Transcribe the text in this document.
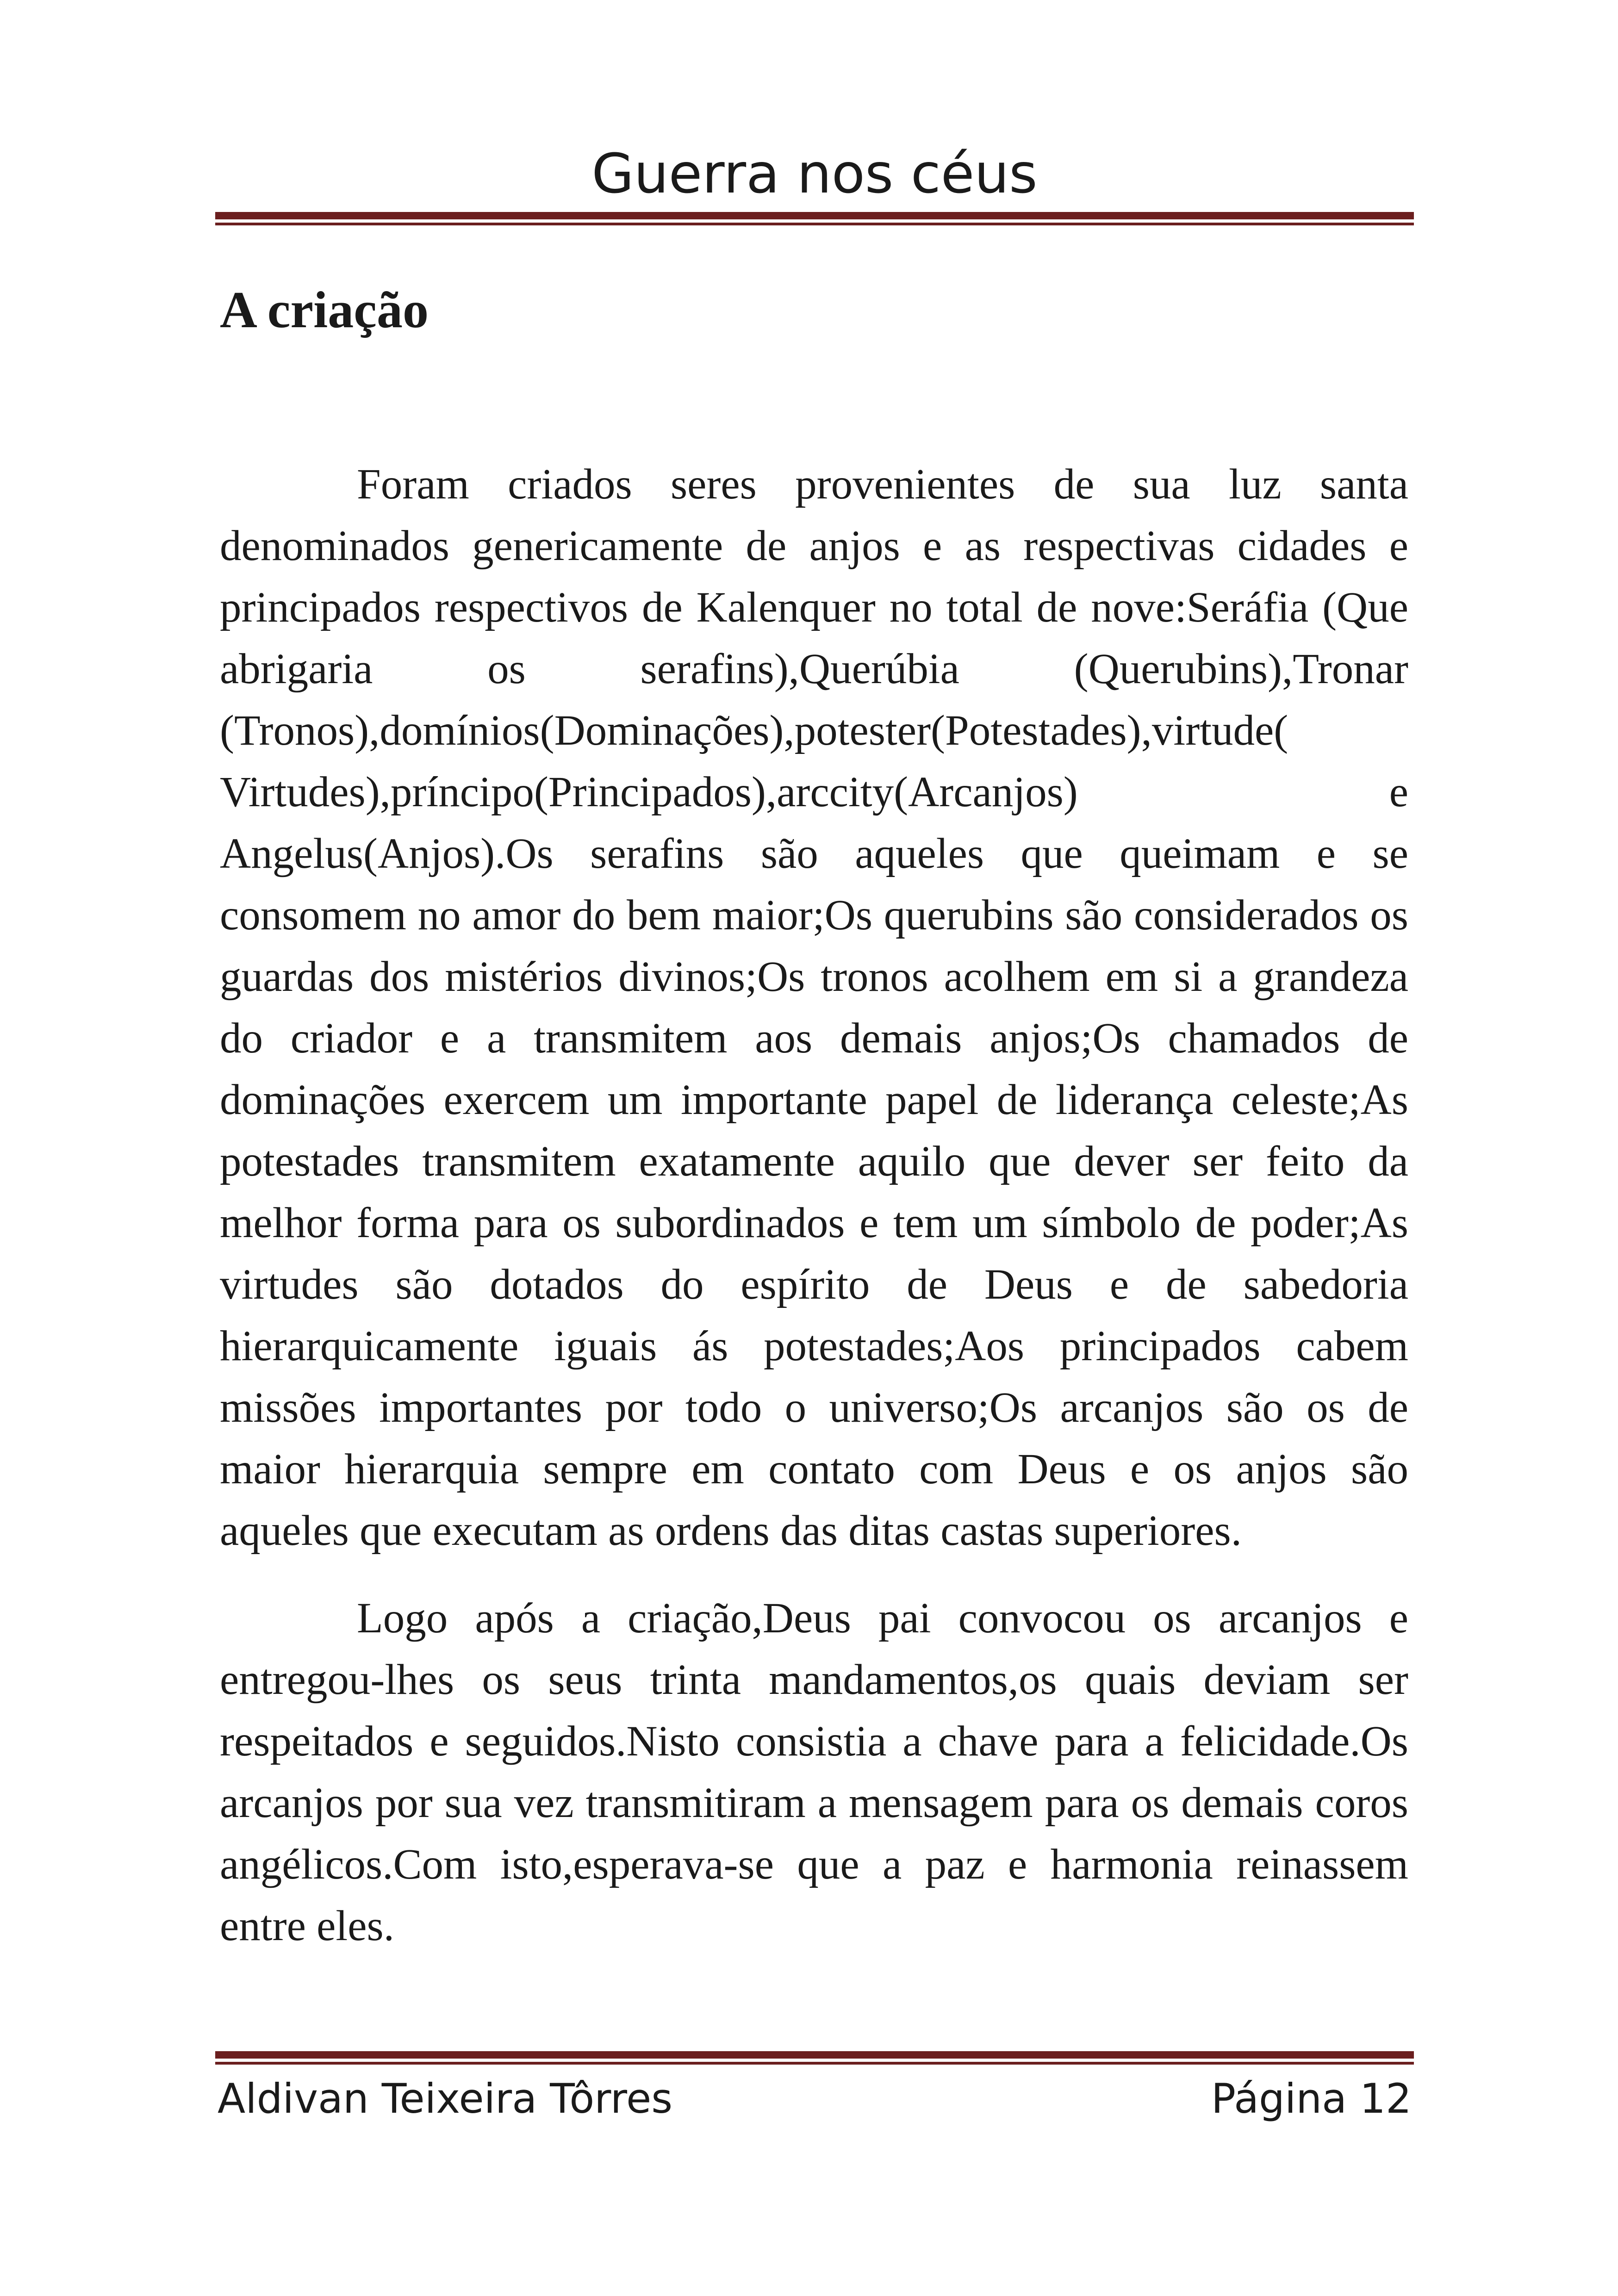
Guerra nos céus
A criação

Foram criados seres provenientes de sua luz santa denominados genericamente de anjos e as respectivas cidades e principados respectivos de Kalenquer no total de nove:Seráfia (Que abrigaria os serafins),Querúbia (Querubins),Tronar (Tronos),domínios(Dominações),potester(Potestades),virtude( Virtudes),príncipo(Principados),arccity(Arcanjos) e Angelus(Anjos).Os serafins são aqueles que queimam e se consomem no amor do bem maior;Os querubins são considerados os guardas dos mistérios divinos;Os tronos acolhem em si a grandeza do criador e a transmitem aos demais anjos;Os chamados de dominações exercem um importante papel de liderança celeste;As potestades transmitem exatamente aquilo que dever ser feito da melhor forma para os subordinados e tem um símbolo de poder;As virtudes são dotados do espírito de Deus e de sabedoria hierarquicamente iguais ás potestades;Aos principados cabem missões importantes por todo o universo;Os arcanjos são os de maior hierarquia sempre em contato com Deus e os anjos são aqueles que executam as ordens das ditas castas superiores.

Logo após a criação,Deus pai convocou os arcanjos e entregou-lhes os seus trinta mandamentos,os quais deviam ser respeitados e seguidos.Nisto consistia a chave para a felicidade.Os arcanjos por sua vez transmitiram a mensagem para os demais coros angélicos.Com isto,esperava-se que a paz e harmonia reinassem entre eles.

Aldivan Teixeira Tôrres	Página 12
